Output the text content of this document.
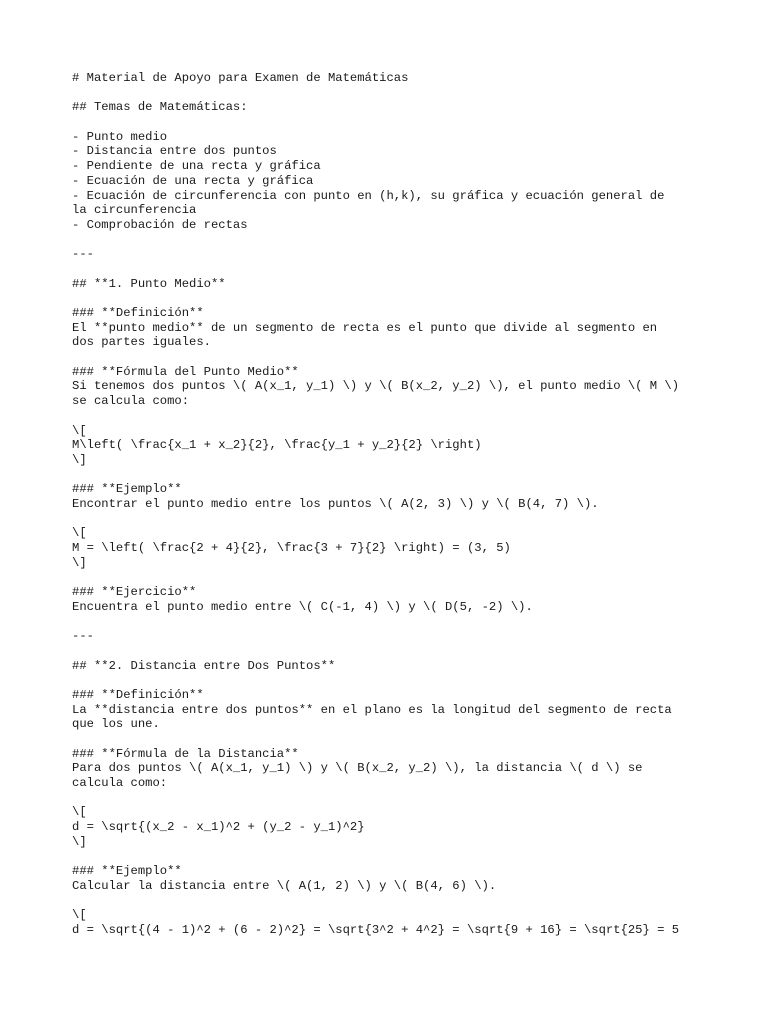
# Material de Apoyo para Examen de Matemáticas
## Temas de Matemáticas:
- Punto medio
- Distancia entre dos puntos
- Pendiente de una recta y gráfica
- Ecuación de una recta y gráfica
- Ecuación de circunferencia con punto en (h,k), su gráfica y ecuación general de
la circunferencia
- Comprobación de rectas
---
## **1. Punto Medio**
### **Definición**
El **punto medio** de un segmento de recta es el punto que divide al segmento en
dos partes iguales.
### **Fórmula del Punto Medio**
Si tenemos dos puntos \( A(x_1, y_1) \) y \( B(x_2, y_2) \), el punto medio \( M \)
se calcula como:
\[
M\left( \frac{x_1 + x_2}{2}, \frac{y_1 + y_2}{2} \right)
\]
### **Ejemplo**
Encontrar el punto medio entre los puntos \( A(2, 3) \) y \( B(4, 7) \).
\[
M = \left( \frac{2 + 4}{2}, \frac{3 + 7}{2} \right) = (3, 5)
\]
### **Ejercicio**
Encuentra el punto medio entre \( C(-1, 4) \) y \( D(5, -2) \).
---
## **2. Distancia entre Dos Puntos**
### **Definición**
La **distancia entre dos puntos** en el plano es la longitud del segmento de recta
que los une.
### **Fórmula de la Distancia**
Para dos puntos \( A(x_1, y_1) \) y \( B(x_2, y_2) \), la distancia \( d \) se
calcula como:
\[
d = \sqrt{(x_2 - x_1)^2 + (y_2 - y_1)^2}
\]
### **Ejemplo**
Calcular la distancia entre \( A(1, 2) \) y \( B(4, 6) \).
\[
d = \sqrt{(4 - 1)^2 + (6 - 2)^2} = \sqrt{3^2 + 4^2} = \sqrt{9 + 16} = \sqrt{25} = 5
